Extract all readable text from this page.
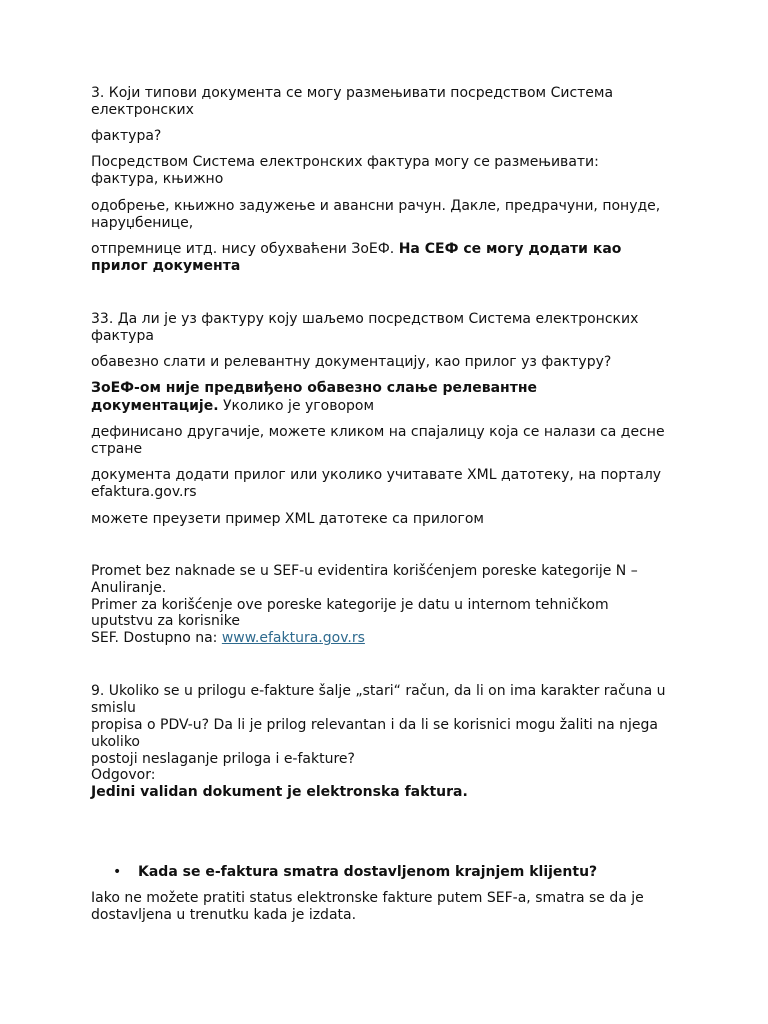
3. Који типови документа се могу размењивати посредством Система
електронских
фактура?
Посредством Система електронских фактура могу се размењивати:
фактура, књижно
одобрење, књижно задужење и авансни рачун. Дакле, предрачуни, понуде,
наруџбенице,
отпремнице итд. нису обухваћени ЗоЕФ. На СЕФ се могу додати као
прилог документа
33. Да ли је уз фактуру коју шаљемо посредством Система електронских
фактура
обавезно слати и релевантну документацију, као прилог уз фактуру?
ЗоЕФ-ом није предвиђено обавезно слање релевантне
документације. Уколико је уговором
дефинисано другачије, можете кликом на спајалицу која се налази са десне
стране
документа додати прилог или уколико учитавате XML датотеку, на порталу
efaktura.gov.rs
можете преузети пример XML датотеке са прилогом
Promet bez naknade se u SEF-u evidentira korišćenjem poreske kategorije N –
Anuliranje.
Primer za korišćenje ove poreske kategorije je datu u internom tehničkom
uputstvu za korisnike
SEF. Dostupno na: www.efaktura.gov.rs
9. Ukoliko se u prilogu e-fakture šalje „stari“ račun, da li on ima karakter računa u
smislu
propisa o PDV-u? Da li je prilog relevantan i da li se korisnici mogu žaliti na njega
ukoliko
postoji neslaganje priloga i e-fakture?
Odgovor:
Jedini validan dokument je elektronska faktura.
• Kada se e-faktura smatra dostavljenom krajnjem klijentu?
Iako ne možete pratiti status elektronske fakture putem SEF-a, smatra se da je
dostavljena u trenutku kada je izdata.
